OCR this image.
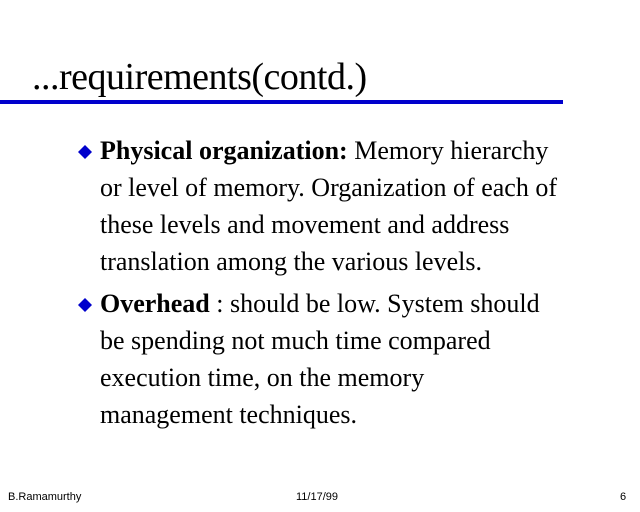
...requirements(contd.)
Physical organization: Memory hierarchy
or level of memory. Organization of each of
these levels and movement and address
translation among the various levels.
Overhead : should be low. System should
be spending not much time compared
execution time, on the memory
management techniques.
B.Ramamurthy	11/17/99	6
